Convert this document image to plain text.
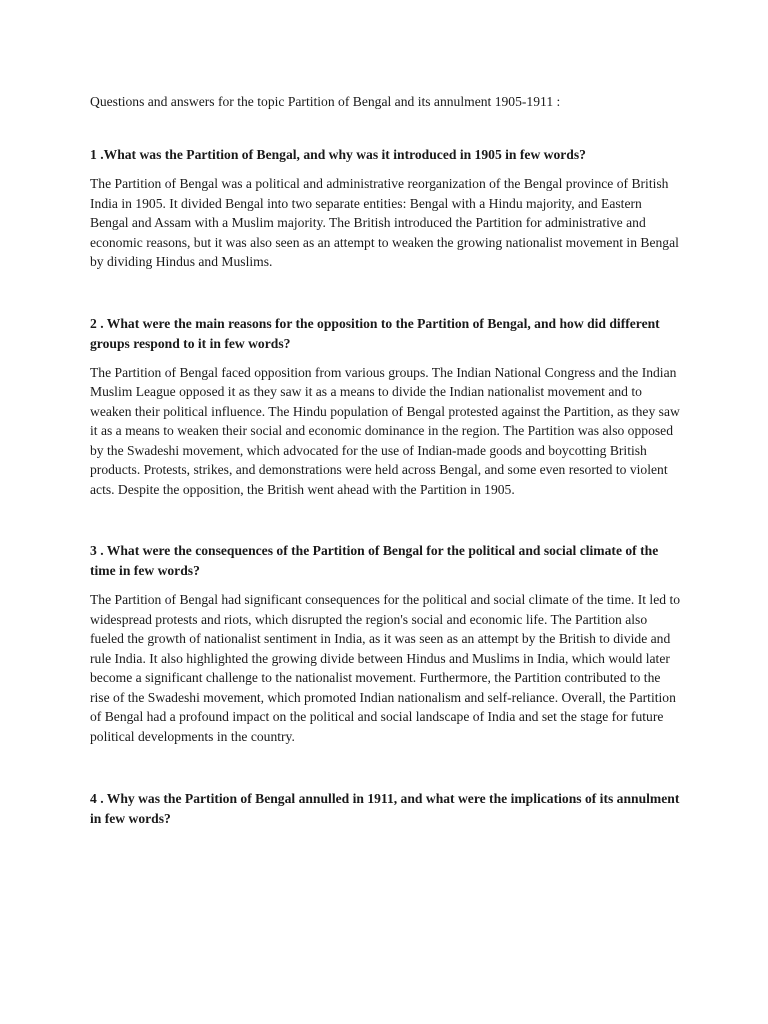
Questions and answers for the topic Partition of Bengal and its annulment 1905-1911 :

1 .What was the Partition of Bengal, and why was it introduced in 1905 in few words?

The Partition of Bengal was a political and administrative reorganization of the Bengal province of British India in 1905. It divided Bengal into two separate entities: Bengal with a Hindu majority, and Eastern Bengal and Assam with a Muslim majority. The British introduced the Partition for administrative and economic reasons, but it was also seen as an attempt to weaken the growing nationalist movement in Bengal by dividing Hindus and Muslims.

2 . What were the main reasons for the opposition to the Partition of Bengal, and how did different groups respond to it in few words?

The Partition of Bengal faced opposition from various groups. The Indian National Congress and the Indian Muslim League opposed it as they saw it as a means to divide the Indian nationalist movement and to weaken their political influence. The Hindu population of Bengal protested against the Partition, as they saw it as a means to weaken their social and economic dominance in the region. The Partition was also opposed by the Swadeshi movement, which advocated for the use of Indian-made goods and boycotting British products. Protests, strikes, and demonstrations were held across Bengal, and some even resorted to violent acts. Despite the opposition, the British went ahead with the Partition in 1905.

3 . What were the consequences of the Partition of Bengal for the political and social climate of the time in few words?

The Partition of Bengal had significant consequences for the political and social climate of the time. It led to widespread protests and riots, which disrupted the region's social and economic life. The Partition also fueled the growth of nationalist sentiment in India, as it was seen as an attempt by the British to divide and rule India. It also highlighted the growing divide between Hindus and Muslims in India, which would later become a significant challenge to the nationalist movement. Furthermore, the Partition contributed to the rise of the Swadeshi movement, which promoted Indian nationalism and self-reliance. Overall, the Partition of Bengal had a profound impact on the political and social landscape of India and set the stage for future political developments in the country.

4 . Why was the Partition of Bengal annulled in 1911, and what were the implications of its annulment in few words?
